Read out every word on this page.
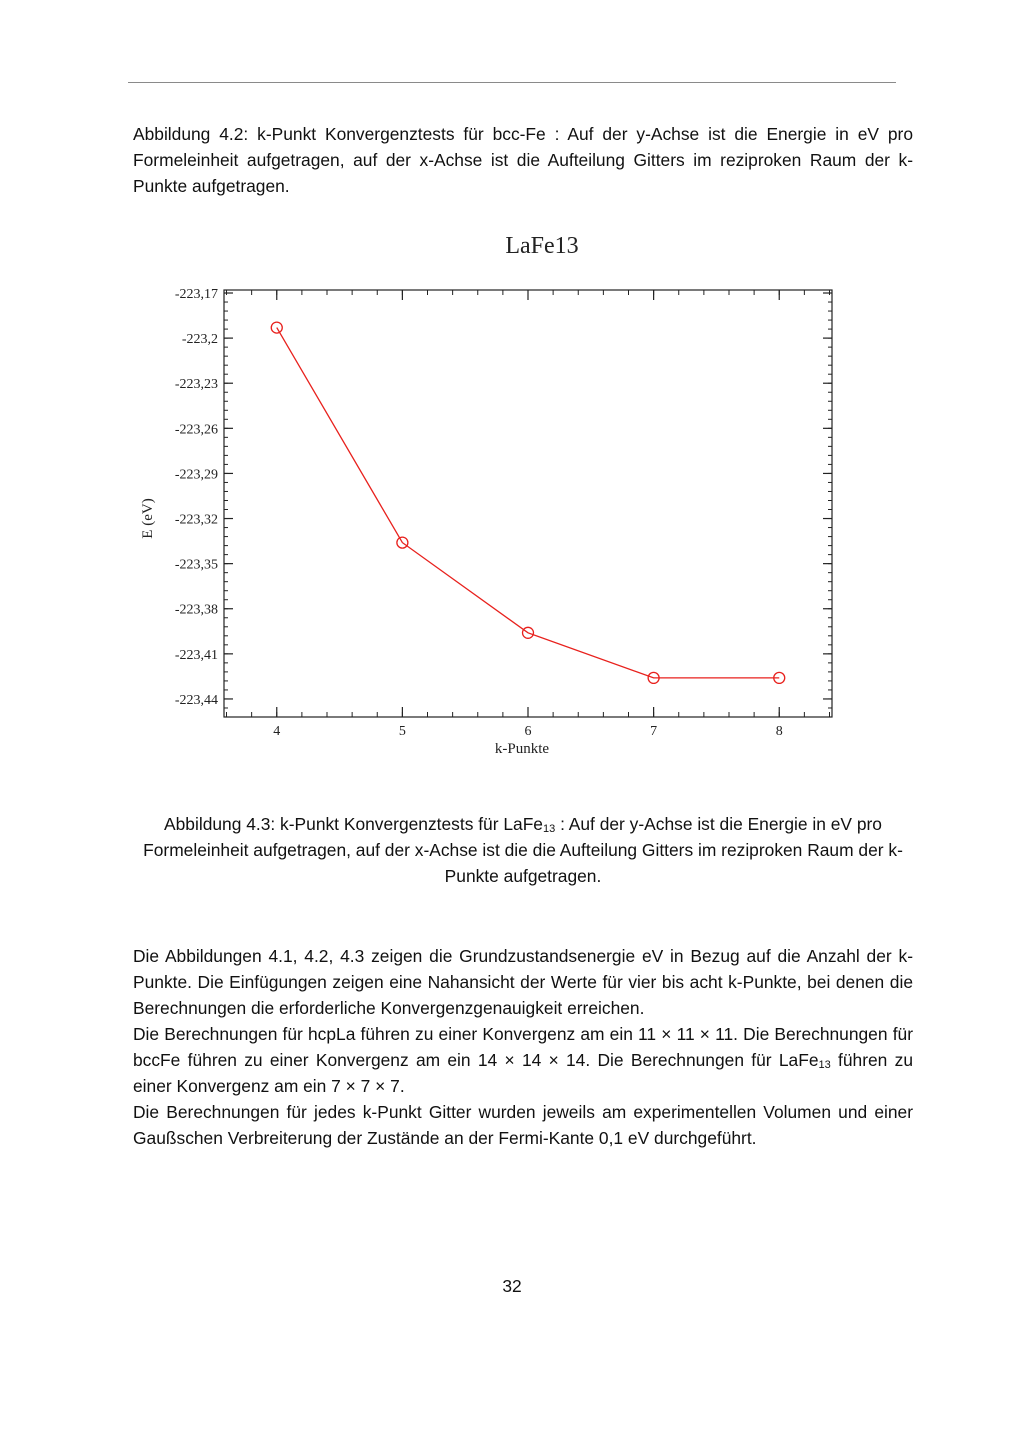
Abbildung 4.2: k-Punkt Konvergenztests für bcc-Fe : Auf der y-Achse ist die Energie in eV pro Formeleinheit aufgetragen, auf der x-Achse ist die Aufteilung Gitters im reziproken Raum der k-Punkte aufgetragen.
LaFe13
-223,17
-223,2
-223,23
-223,26
-223,29
-223,32
-223,35
-223,38
-223,41
-223,44
4	5	6	7	8
k-Punkte
E (eV)
Abbildung 4.3: k-Punkt Konvergenztests für LaFe$_{13}$ : Auf der y-Achse ist die Energie in eV pro Formeleinheit aufgetragen, auf der x-Achse ist die die Aufteilung Gitters im reziproken Raum der k-Punkte aufgetragen.

Die Abbildungen 4.1, 4.2, 4.3 zeigen die Grundzustandsenergie eV in Bezug auf die Anzahl der k-Punkte. Die Einfügungen zeigen eine Nahansicht der Werte für vier bis acht k-Punkte, bei denen die Berechnungen die erforderliche Konvergenzgenauigkeit erreichen.

Die Berechnungen für hcpLa führen zu einer Konvergenz am ein 11 × 11 × 11. Die Berechnungen für bccFe führen zu einer Konvergenz am ein 14 × 14 × 14. Die Berechnungen für LaFe$_{13}$ führen zu einer Konvergenz am ein 7 × 7 × 7.

Die Berechnungen für jedes k-Punkt Gitter wurden jeweils am experimentellen Volumen und einer Gaußschen Verbreiterung der Zustände an der Fermi-Kante 0,1 eV durchgeführt.

32
